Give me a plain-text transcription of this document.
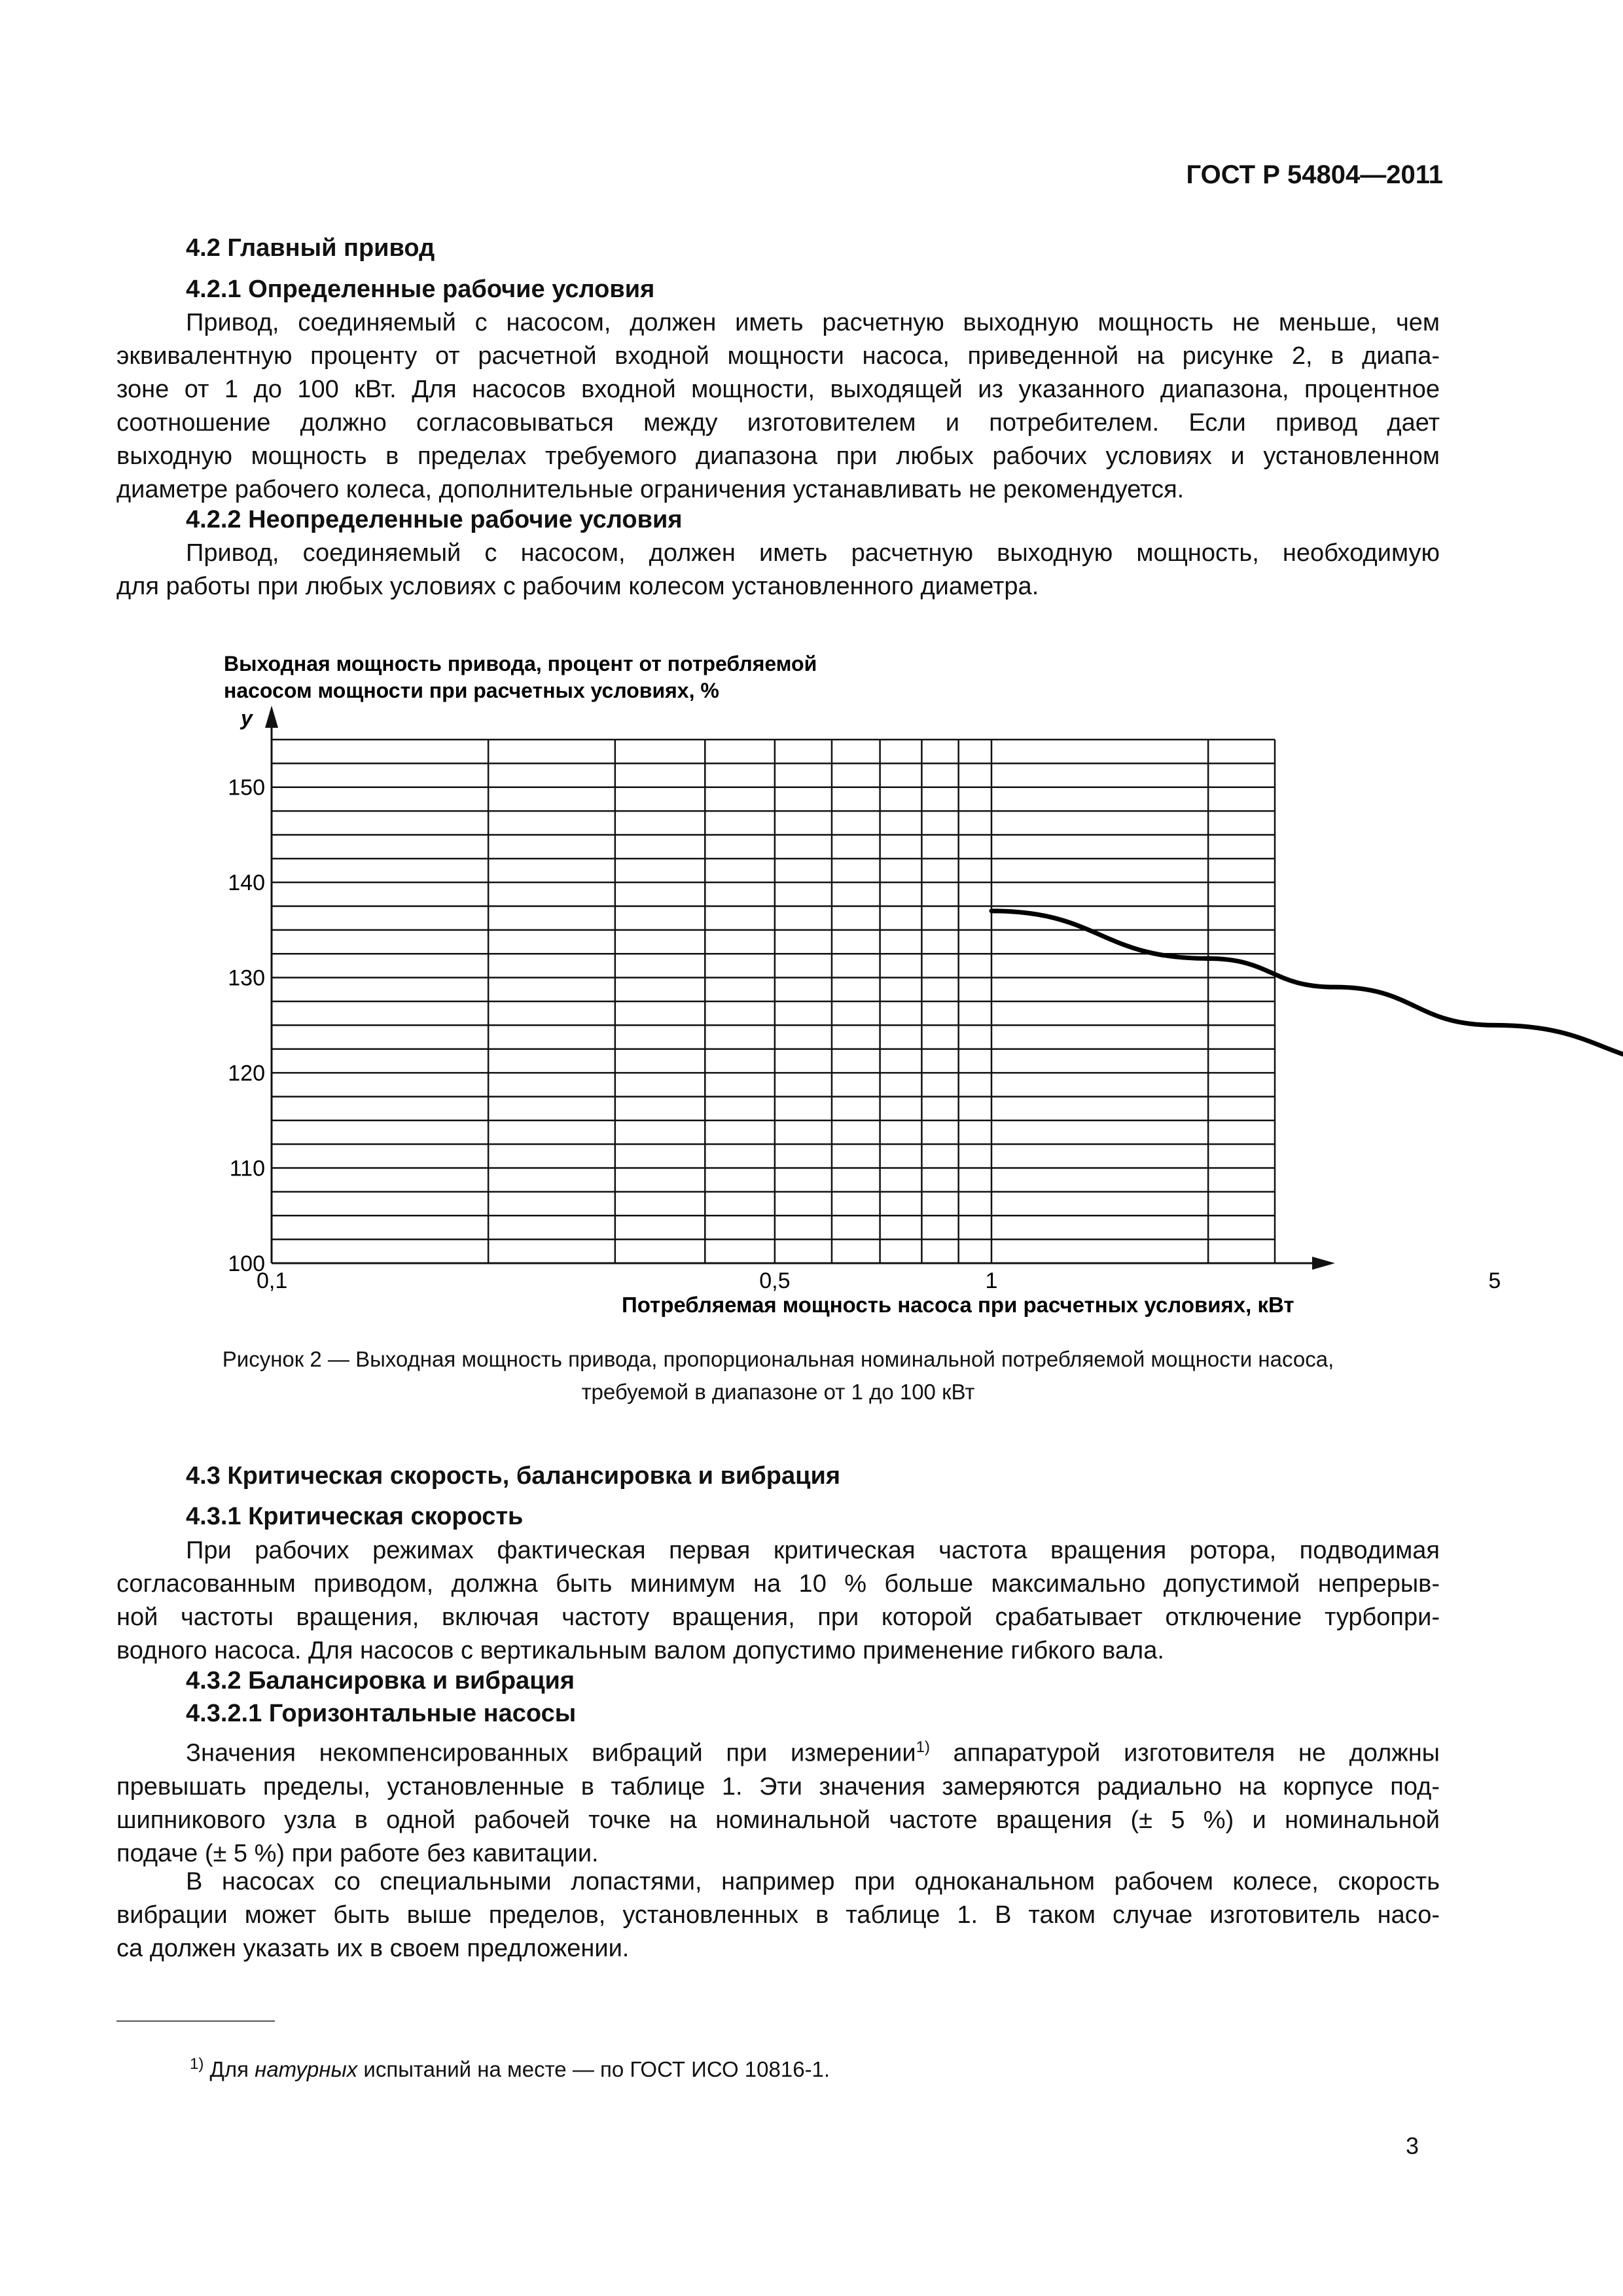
ГОСТ Р 54804—2011
4.2 Главный привод
4.2.1 Определенные рабочие условия
Привод, соединяемый с насосом, должен иметь расчетную выходную мощность не меньше, чем
эквивалентную проценту от расчетной входной мощности насоса, приведенной на рисунке 2, в диапа-
зоне от 1 до 100 кВт. Для насосов входной мощности, выходящей из указанного диапазона, процентное
соотношение должно согласовываться между изготовителем и потребителем. Если привод дает
выходную мощность в пределах требуемого диапазона при любых рабочих условиях и установленном
диаметре рабочего колеса, дополнительные ограничения устанавливать не рекомендуется.
4.2.2 Неопределенные рабочие условия
Привод, соединяемый с насосом, должен иметь расчетную выходную мощность, необходимую
для работы при любых условиях с рабочим колесом установленного диаметра.
Выходная мощность привода, процент от потребляемой
насосом мощности при расчетных условиях, %
y
100
110
120
130
140
150
0,1	0,5	1	5
Потребляемая мощность насоса при расчетных условиях, кВт
Рисунок 2 — Выходная мощность привода, пропорциональная номинальной потребляемой мощности насоса,
требуемой в диапазоне от 1 до 100 кВт
4.3 Критическая скорость, балансировка и вибрация
4.3.1 Критическая скорость
При рабочих режимах фактическая первая критическая частота вращения ротора, подводимая
согласованным приводом, должна быть минимум на 10 % больше максимально допустимой непрерыв-
ной частоты вращения, включая частоту вращения, при которой срабатывает отключение турбопри-
водного насоса. Для насосов с вертикальным валом допустимо применение гибкого вала.
4.3.2 Балансировка и вибрация
4.3.2.1 Горизонтальные насосы
Значения некомпенсированных вибраций при измерении$^{1)}$ аппаратурой изготовителя не должны
превышать пределы, установленные в таблице 1. Эти значения замеряются радиально на корпусе под-
шипникового узла в одной рабочей точке на номинальной частоте вращения (± 5 %) и номинальной
подаче (± 5 %) при работе без кавитации.
В насосах со специальными лопастями, например при одноканальном рабочем колесе, скорость
вибрации может быть выше пределов, установленных в таблице 1. В таком случае изготовитель насо-
са должен указать их в своем предложении.
$^{1)}$ Для натурных испытаний на месте — по ГОСТ ИСО 10816-1.
3
